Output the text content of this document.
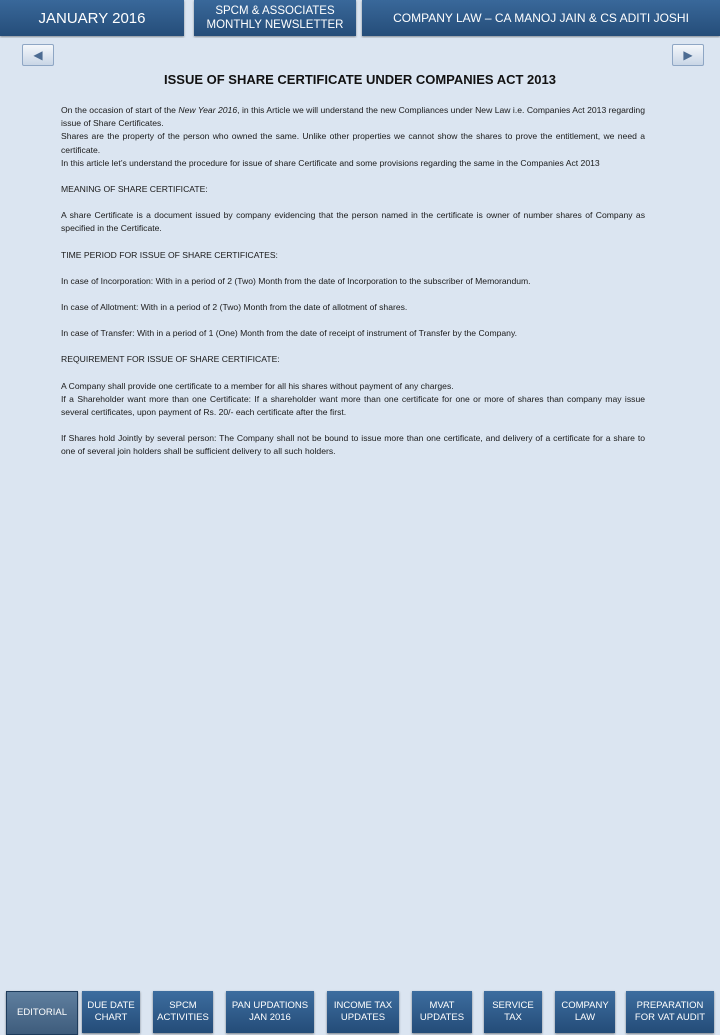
JANUARY 2016	SPCM & ASSOCIATES
MONTHLY NEWSLETTER	COMPANY LAW – CA MANOJ JAIN & CS ADITI JOSHI
◀	▶
ISSUE OF SHARE CERTIFICATE UNDER COMPANIES ACT 2013

On the occasion of start of the New Year 2016, in this Article we will understand the new Compliances under New Law i.e. Companies Act 2013 regarding issue of Share Certificates.

Shares are the property of the person who owned the same. Unlike other properties we cannot show the shares to prove the entitlement, we need a certificate.

In this article let’s understand the procedure for issue of share Certificate and some provisions regarding the same in the Companies Act 2013

MEANING OF SHARE CERTIFICATE:

A share Certificate is a document issued by company evidencing that the person named in the certificate is owner of number shares of Company as specified in the Certificate.

TIME PERIOD FOR ISSUE OF SHARE CERTIFICATES:

In case of Incorporation: With in a period of 2 (Two) Month from the date of Incorporation to the subscriber of Memorandum.

In case of Allotment: With in a period of 2 (Two) Month from the date of allotment of shares.

In case of Transfer: With in a period of 1 (One) Month from the date of receipt of instrument of Transfer by the Company.

REQUIREMENT FOR ISSUE OF SHARE CERTIFICATE:

A Company shall provide one certificate to a member for all his shares without payment of any charges.

If a Shareholder want more than one Certificate: If a shareholder want more than one certificate for one or more of shares than company may issue several certificates, upon payment of Rs. 20/- each certificate after the first.

If Shares hold Jointly by several person: The Company shall not be bound to issue more than one certificate, and delivery of a certificate for a share to one of several join holders shall be sufficient delivery to all such holders.

EDITORIAL
DUE DATE
CHART
SPCM
ACTIVITIES
PAN UPDATIONS
JAN 2016
INCOME TAX
UPDATES
MVAT
UPDATES
SERVICE
TAX
COMPANY
LAW
PREPARATION
FOR VAT AUDIT
